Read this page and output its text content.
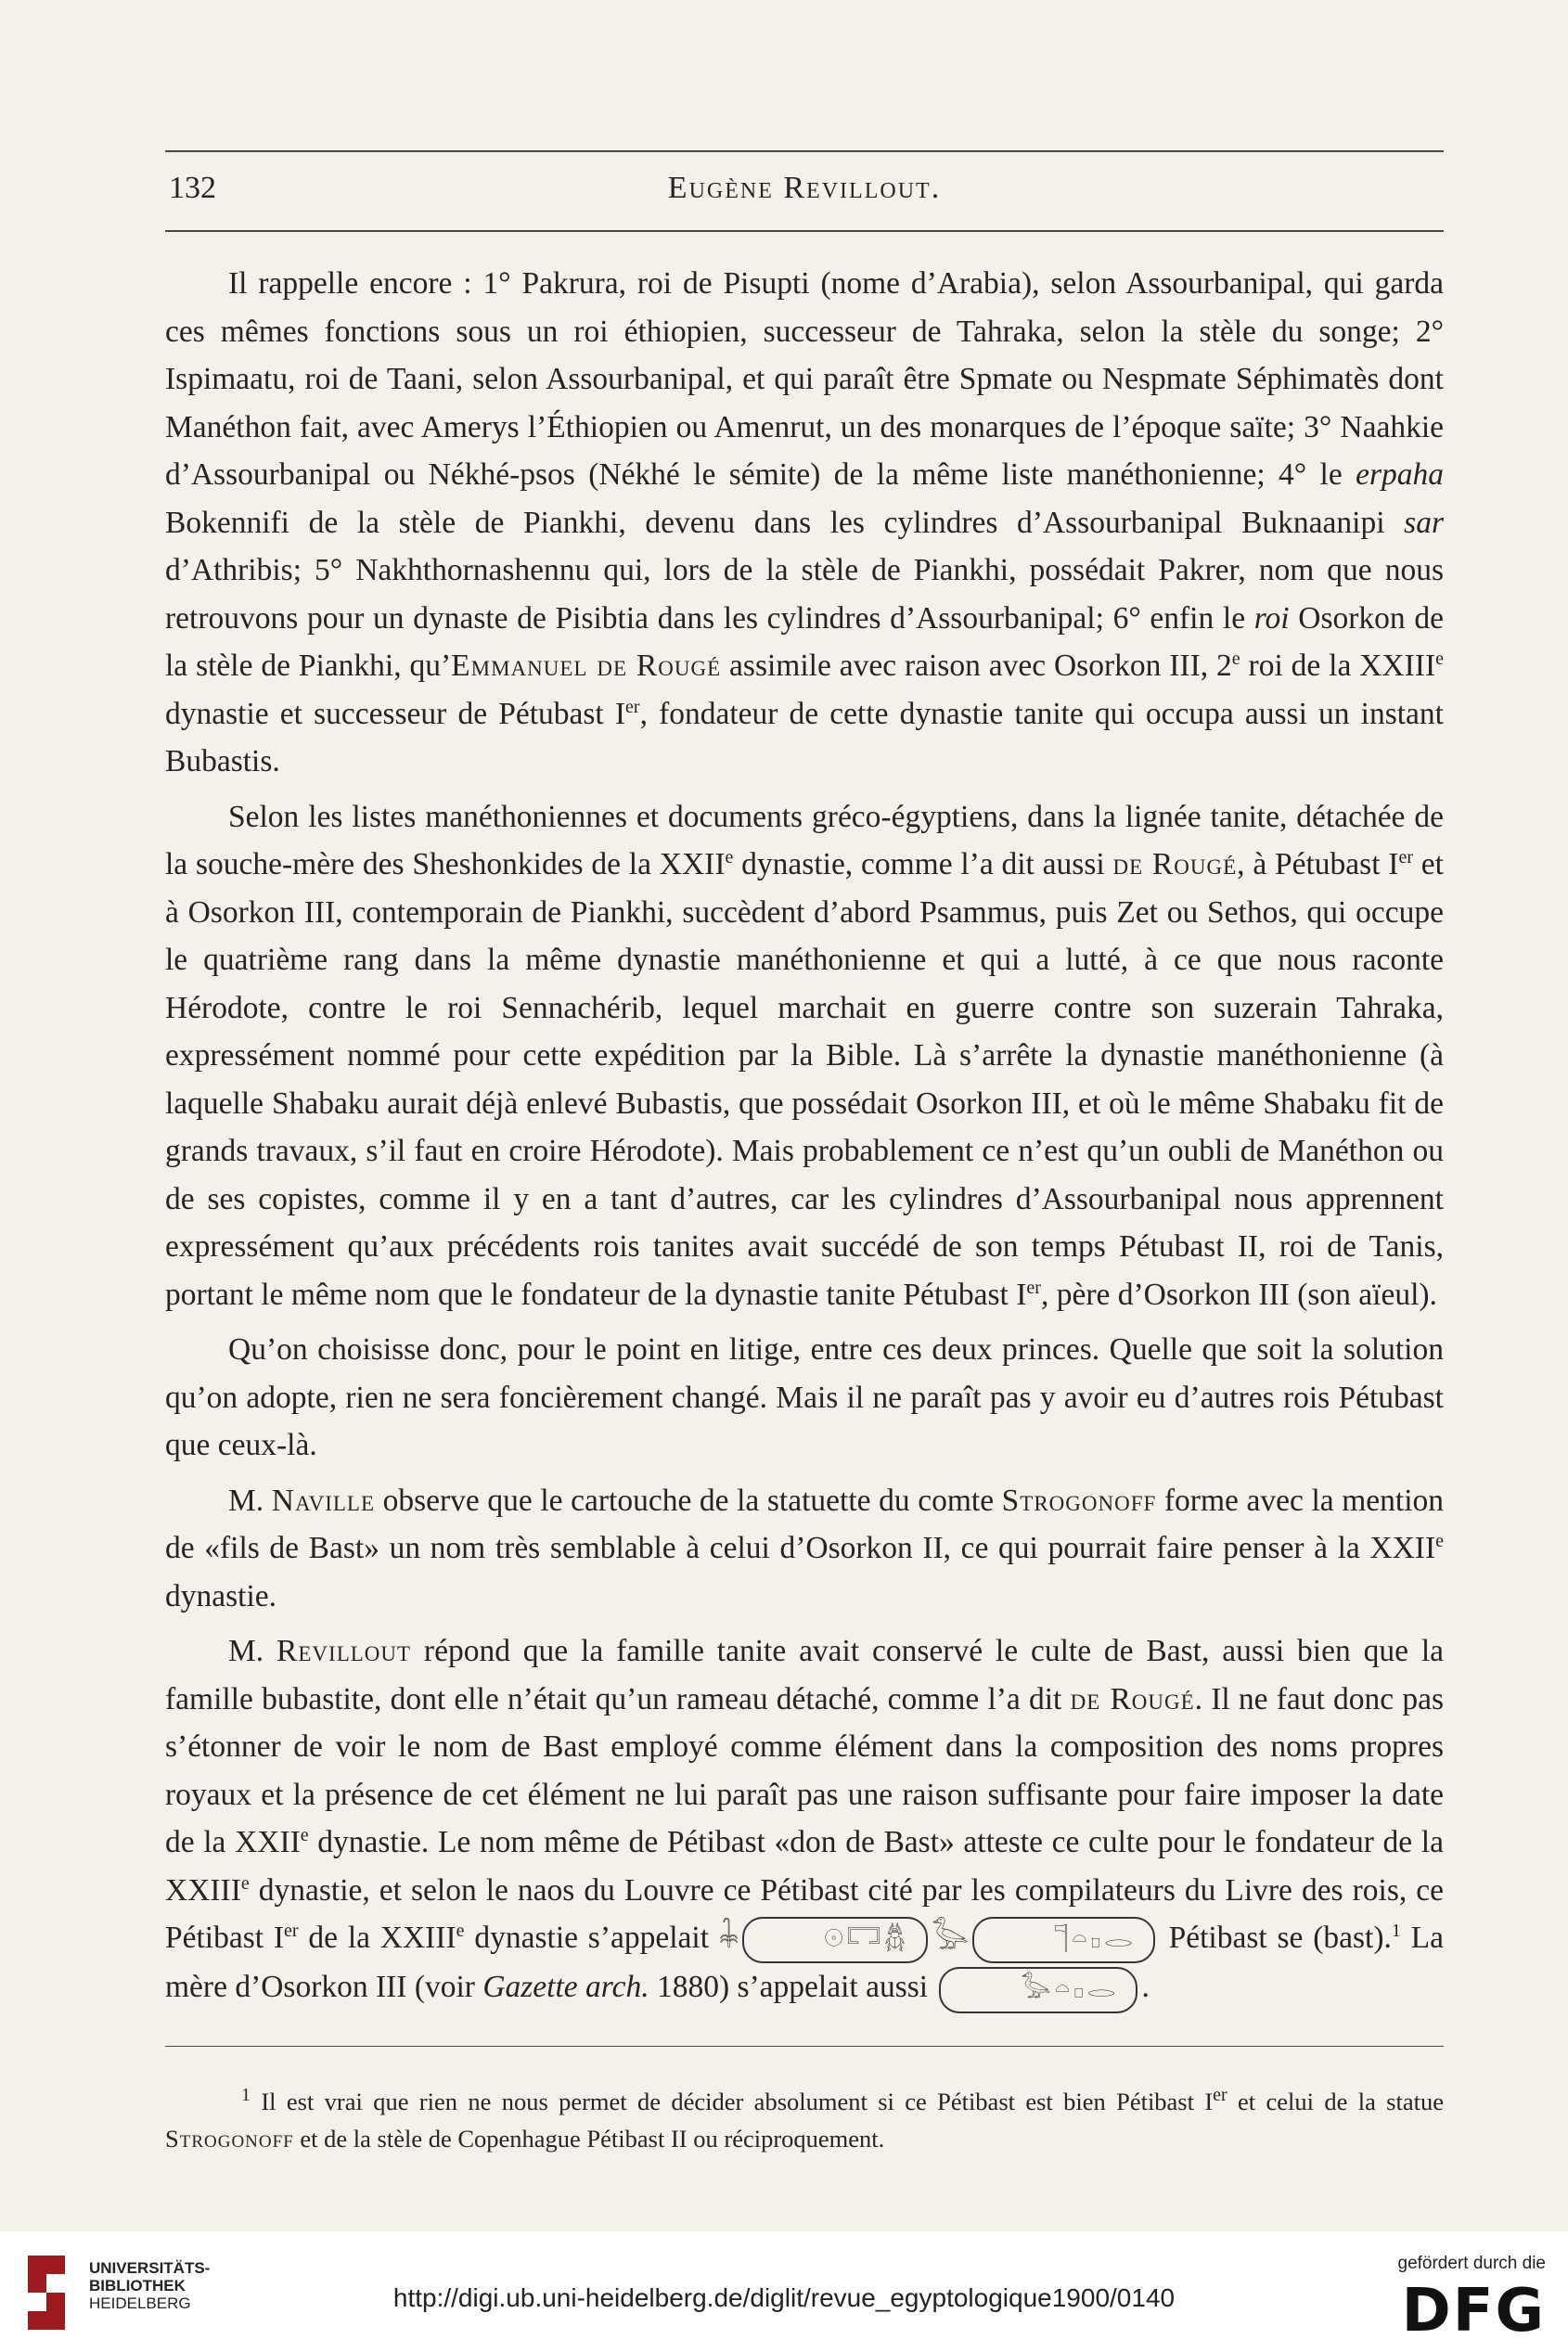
132	Eugène Revillout.

Il rappelle encore : 1° Pakrura, roi de Pisupti (nome d’Arabia), selon Assourbanipal, qui garda ces mêmes fonctions sous un roi éthiopien, successeur de Tahraka, selon la stèle du songe; 2° Ispimaatu, roi de Taani, selon Assourbanipal, et qui paraît être Spmate ou Nespmate Séphimatès dont Manéthon fait, avec Amerys l’Éthiopien ou Amenrut, un des monarques de l’époque saïte; 3° Naahkie d’Assourbanipal ou Nékhé-psos (Nékhé le sémite) de la même liste manéthonienne; 4° le erpaha Bokennifi de la stèle de Piankhi, devenu dans les cylindres d’Assourbanipal Buknaanipi sar d’Athribis; 5° Nakhthornashennu qui, lors de la stèle de Piankhi, possédait Pakrer, nom que nous retrouvons pour un dynaste de Pisibtia dans les cylindres d’Assourbanipal; 6° enfin le roi Osorkon de la stèle de Piankhi, qu’Emmanuel de Rougé assimile avec raison avec Osorkon III, 2e roi de la XXIIIe dynastie et successeur de Pétubast Ier, fondateur de cette dynastie tanite qui occupa aussi un instant Bubastis.

Selon les listes manéthoniennes et documents gréco-égyptiens, dans la lignée tanite, détachée de la souche-mère des Sheshonkides de la XXIIe dynastie, comme l’a dit aussi de Rougé, à Pétubast Ier et à Osorkon III, contemporain de Piankhi, succèdent d’abord Psammus, puis Zet ou Sethos, qui occupe le quatrième rang dans la même dynastie manéthonienne et qui a lutté, à ce que nous raconte Hérodote, contre le roi Sennachérib, lequel marchait en guerre contre son suzerain Tahraka, expressément nommé pour cette expédition par la Bible. Là s’arrête la dynastie manéthonienne (à laquelle Shabaku aurait déjà enlevé Bubastis, que possédait Osorkon III, et où le même Shabaku fit de grands travaux, s’il faut en croire Hérodote). Mais probablement ce n’est qu’un oubli de Manéthon ou de ses copistes, comme il y en a tant d’autres, car les cylindres d’Assourbanipal nous apprennent expressément qu’aux précédents rois tanites avait succédé de son temps Pétubast II, roi de Tanis, portant le même nom que le fondateur de la dynastie tanite Pétubast Ier, père d’Osorkon III (son aïeul).

Qu’on choisisse donc, pour le point en litige, entre ces deux princes. Quelle que soit la solution qu’on adopte, rien ne sera foncièrement changé. Mais il ne paraît pas y avoir eu d’autres rois Pétubast que ceux-là.

M. Naville observe que le cartouche de la statuette du comte Strogonoff forme avec la mention de «fils de Bast» un nom très semblable à celui d’Osorkon II, ce qui pourrait faire penser à la XXIIe dynastie.

M. Revillout répond que la famille tanite avait conservé le culte de Bast, aussi bien que la famille bubastite, dont elle n’était qu’un rameau détaché, comme l’a dit de Rougé. Il ne faut donc pas s’étonner de voir le nom de Bast employé comme élément dans la composition des noms propres royaux et la présence de cet élément ne lui paraît pas une raison suffisante pour faire imposer la date de la XXIIe dynastie. Le nom même de Pétibast «don de Bast» atteste ce culte pour le fondateur de la XXIIIe dynastie, et selon le naos du Louvre ce Pétibast cité par les compilateurs du Livre des rois, ce Pétibast Ier de la XXIIIe dynastie s’appelait 𓇓	𓇳𓉐𓆣 𓅭	𓊹𓏏𓊪𓂋 Pétibast se (bast).$^1$ La mère d’Osorkon III (voir Gazette arch. 1880) s’appelait aussi	𓅭𓏏𓊪𓂋 .

$^1$ Il est vrai que rien ne nous permet de décider absolument si ce Pétibast est bien Pétibast Ier et celui de la statue Strogonoff et de la stèle de Copenhague Pétibast II ou réciproquement.

UNIVERSITÄTS-
BIBLIOTHEK
HEIDELBERG	http://digi.ub.uni-heidelberg.de/diglit/revue_egyptologique1900/0140
gefördert durch die
DFG
